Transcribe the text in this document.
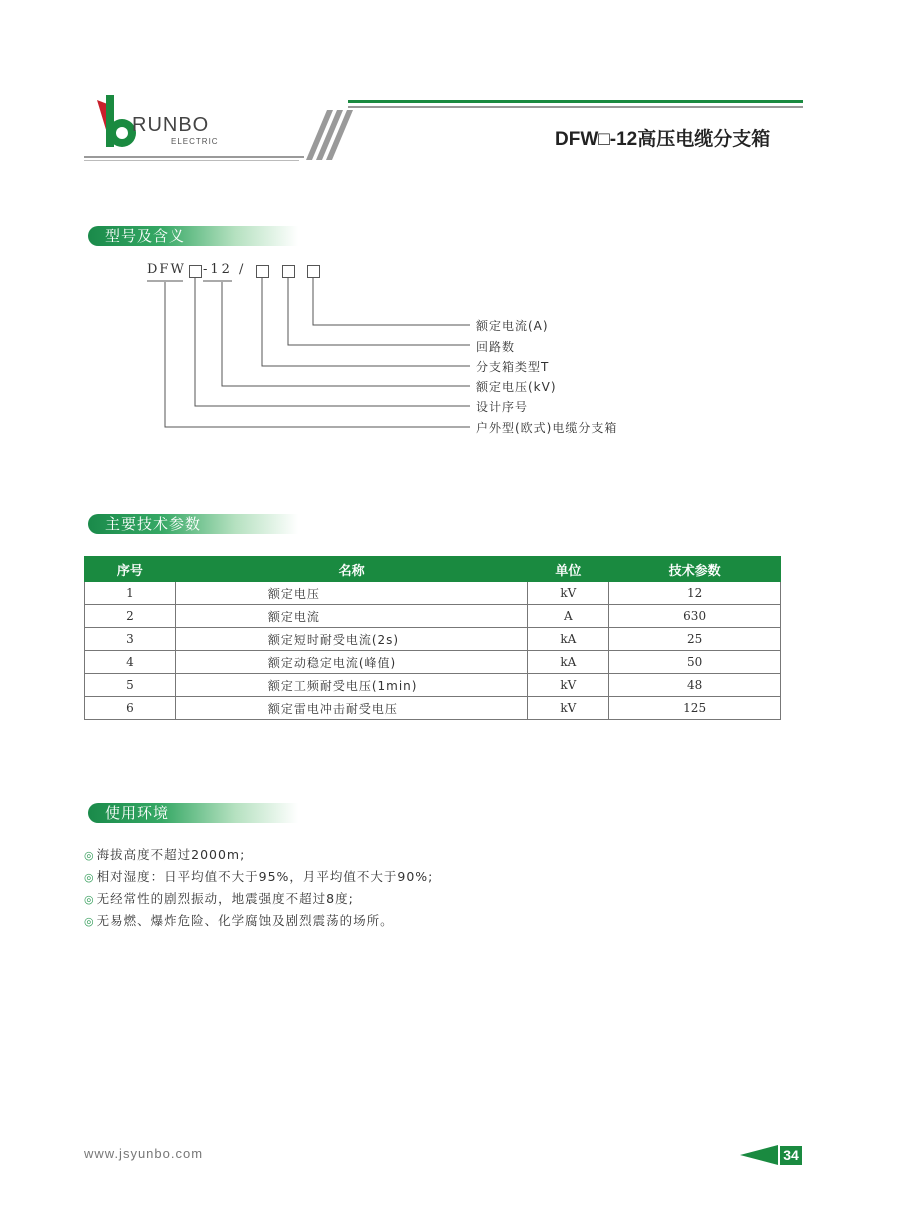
RUNBO
ELECTRIC	DFW□-12高压电缆分支箱
型号及含义
DFW -12 /
额定电流(A)
回路数
分支箱类型T
额定电压(kV)
设计序号
户外型(欧式)电缆分支箱
主要技术参数
序号	名称	单位	技术参数
1	额定电压	kV	12
2	额定电流	A	630
3	额定短时耐受电流(2s)	kA	25
4	额定动稳定电流(峰值)	kA	50
5	额定工频耐受电压(1min)	kV	48
6	额定雷电冲击耐受电压	kV	125
使用环境
◎ 海拔高度不超过2000m;
◎ 相对湿度：日平均值不大于95%，月平均值不大于90%;
◎ 无经常性的剧烈振动，地震强度不超过8度;
◎ 无易燃、爆炸危险、化学腐蚀及剧烈震荡的场所。
www.jsyunbo.com	34
